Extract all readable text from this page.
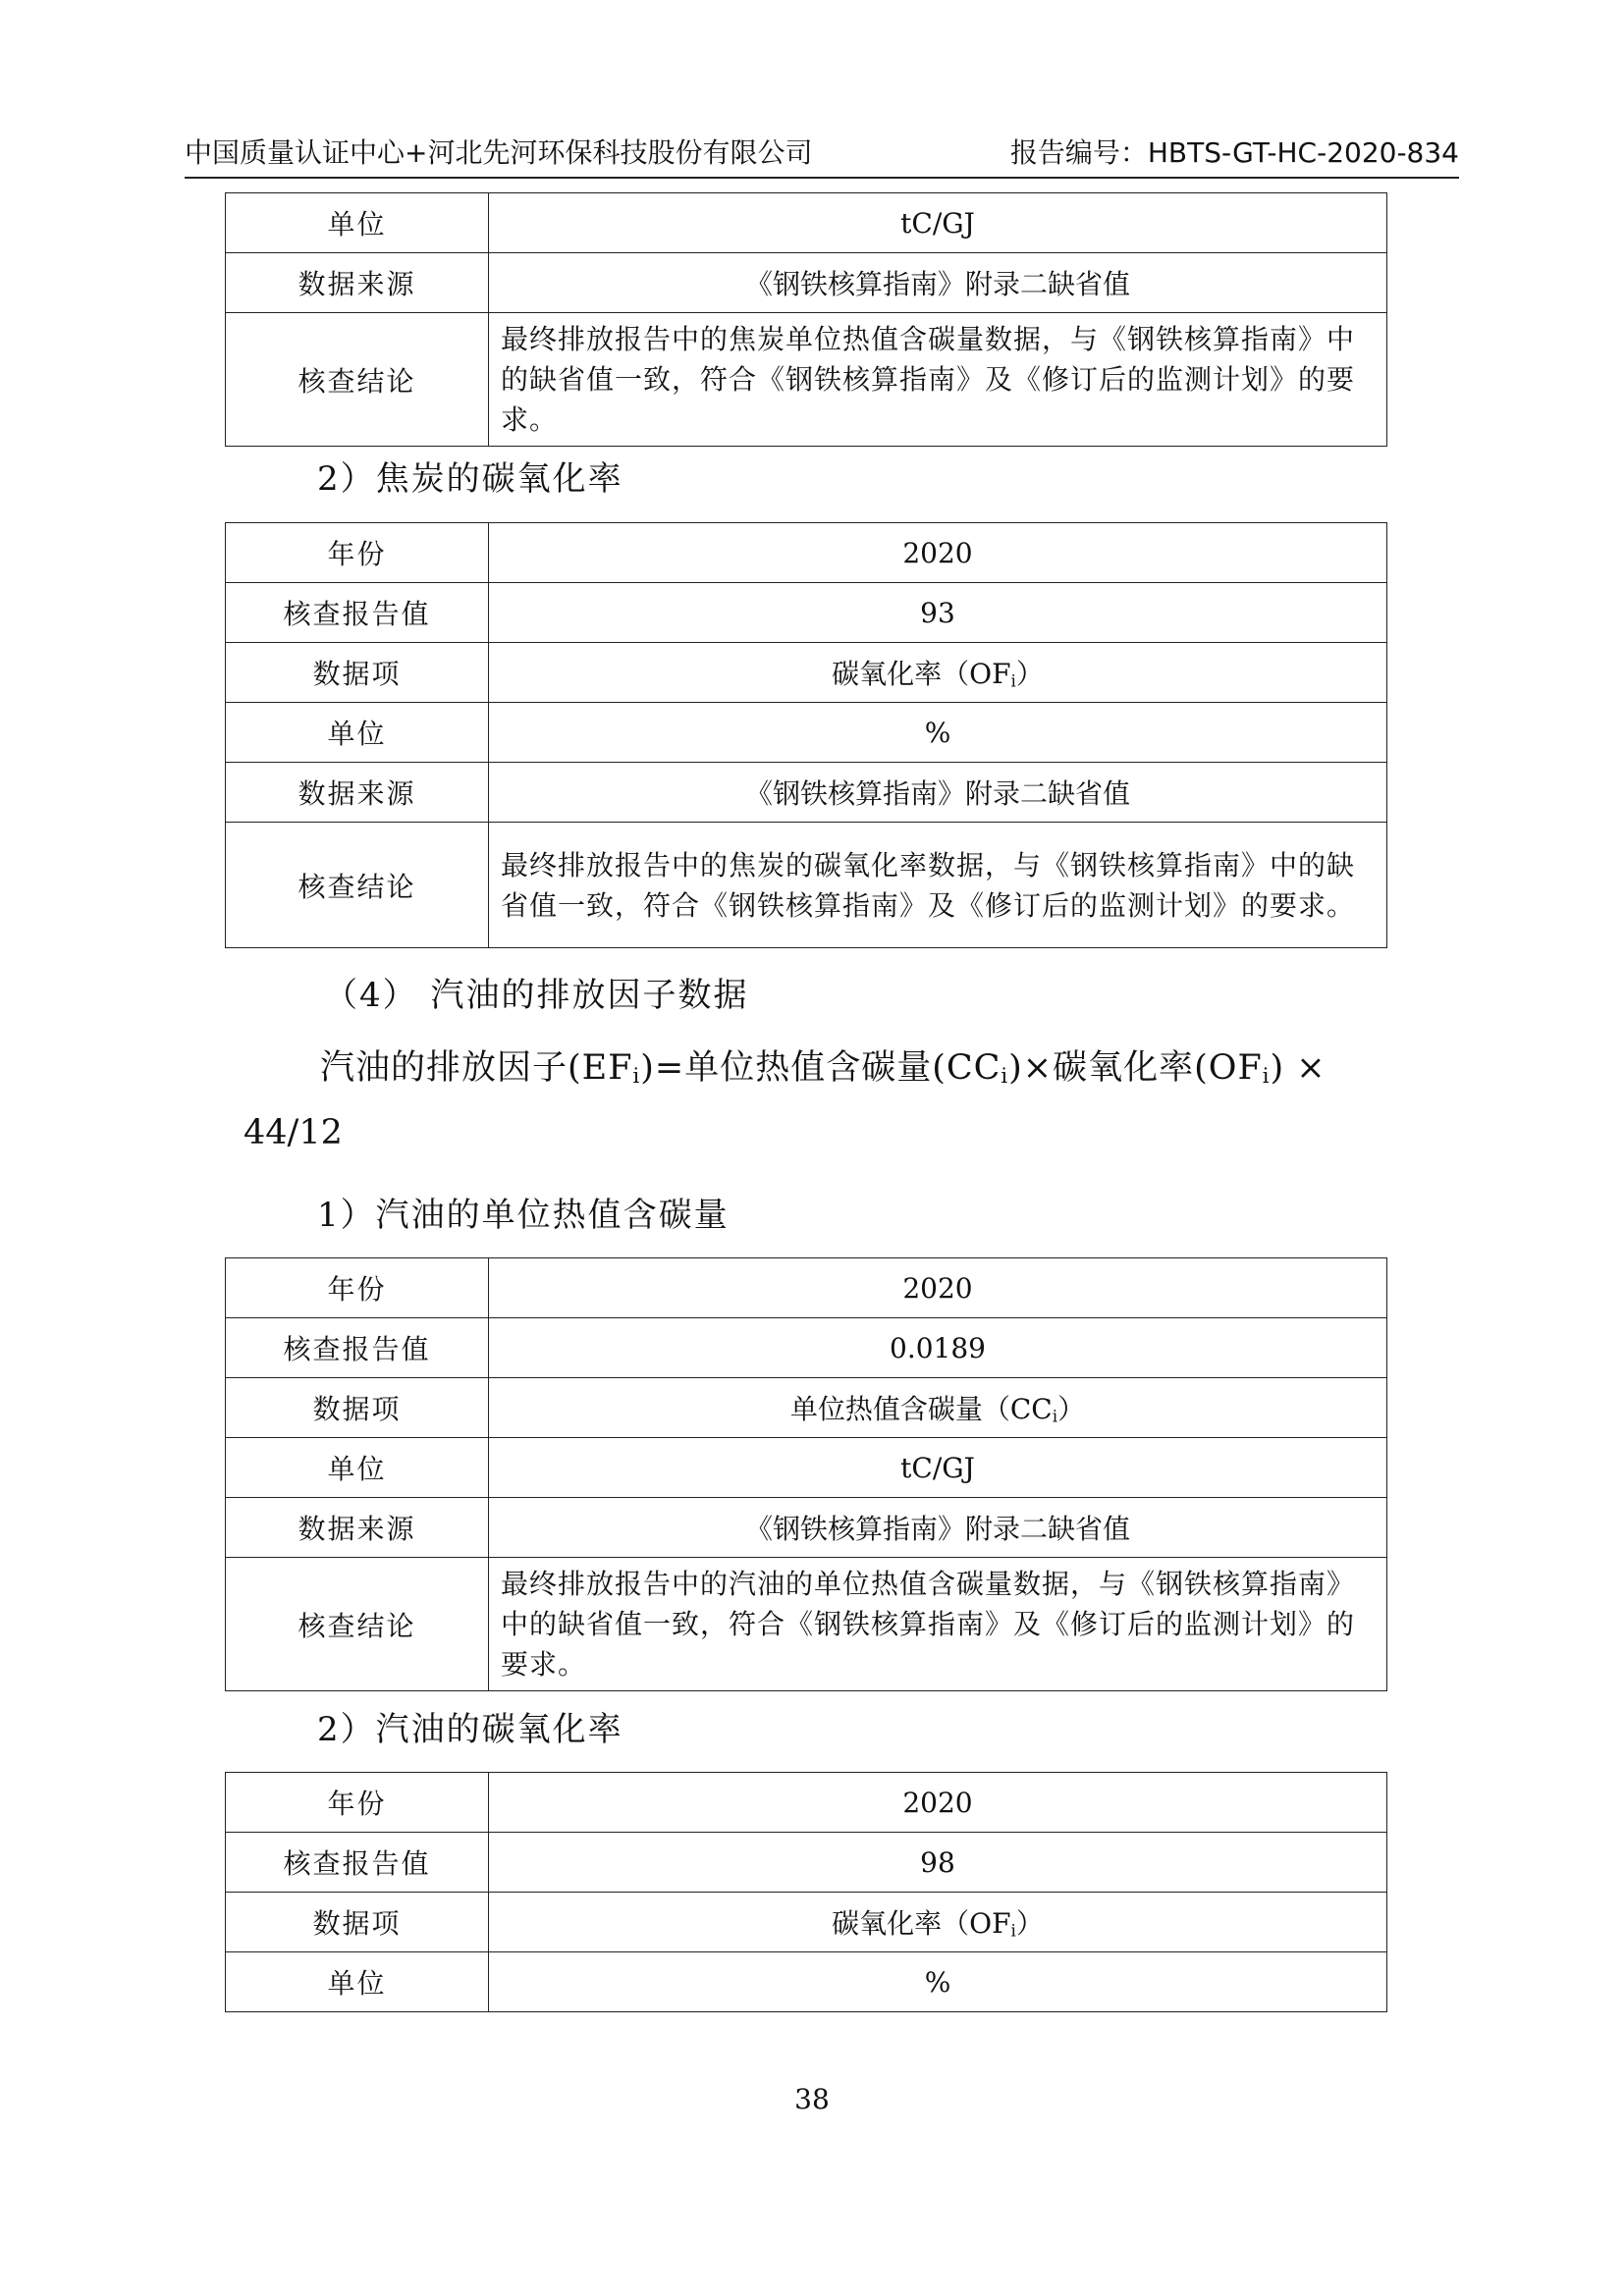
中国质量认证中心+河北先河环保科技股份有限公司	报告编号：HBTS-GT-HC-2020-834
单位	tC/GJ
数据来源	《钢铁核算指南》附录二缺省值
核查结论	最终排放报告中的焦炭单位热值含碳量数据，与《钢铁核算指南》中的缺省值一致，符合《钢铁核算指南》及《修订后的监测计划》的要求。
2）焦炭的碳氧化率
年份	2020
核查报告值	93
数据项	碳氧化率（OFi）
单位	%
数据来源	《钢铁核算指南》附录二缺省值
核查结论	最终排放报告中的焦炭的碳氧化率数据，与《钢铁核算指南》中的缺省值一致，符合《钢铁核算指南》及《修订后的监测计划》的要求。
（4） 汽油的排放因子数据
汽油的排放因子$(EF_i)=$单位热值含碳量$(CC_i)\times$碳氧化率$(OF_i)$ ×
44/12
1）汽油的单位热值含碳量
年份	2020
核查报告值	0.0189
数据项	单位热值含碳量（CCi）
单位	tC/GJ
数据来源	《钢铁核算指南》附录二缺省值
核查结论	最终排放报告中的汽油的单位热值含碳量数据，与《钢铁核算指南》中的缺省值一致，符合《钢铁核算指南》及《修订后的监测计划》的要求。
2）汽油的碳氧化率
年份	2020
核查报告值	98
数据项	碳氧化率（OFi）
单位	%
38
